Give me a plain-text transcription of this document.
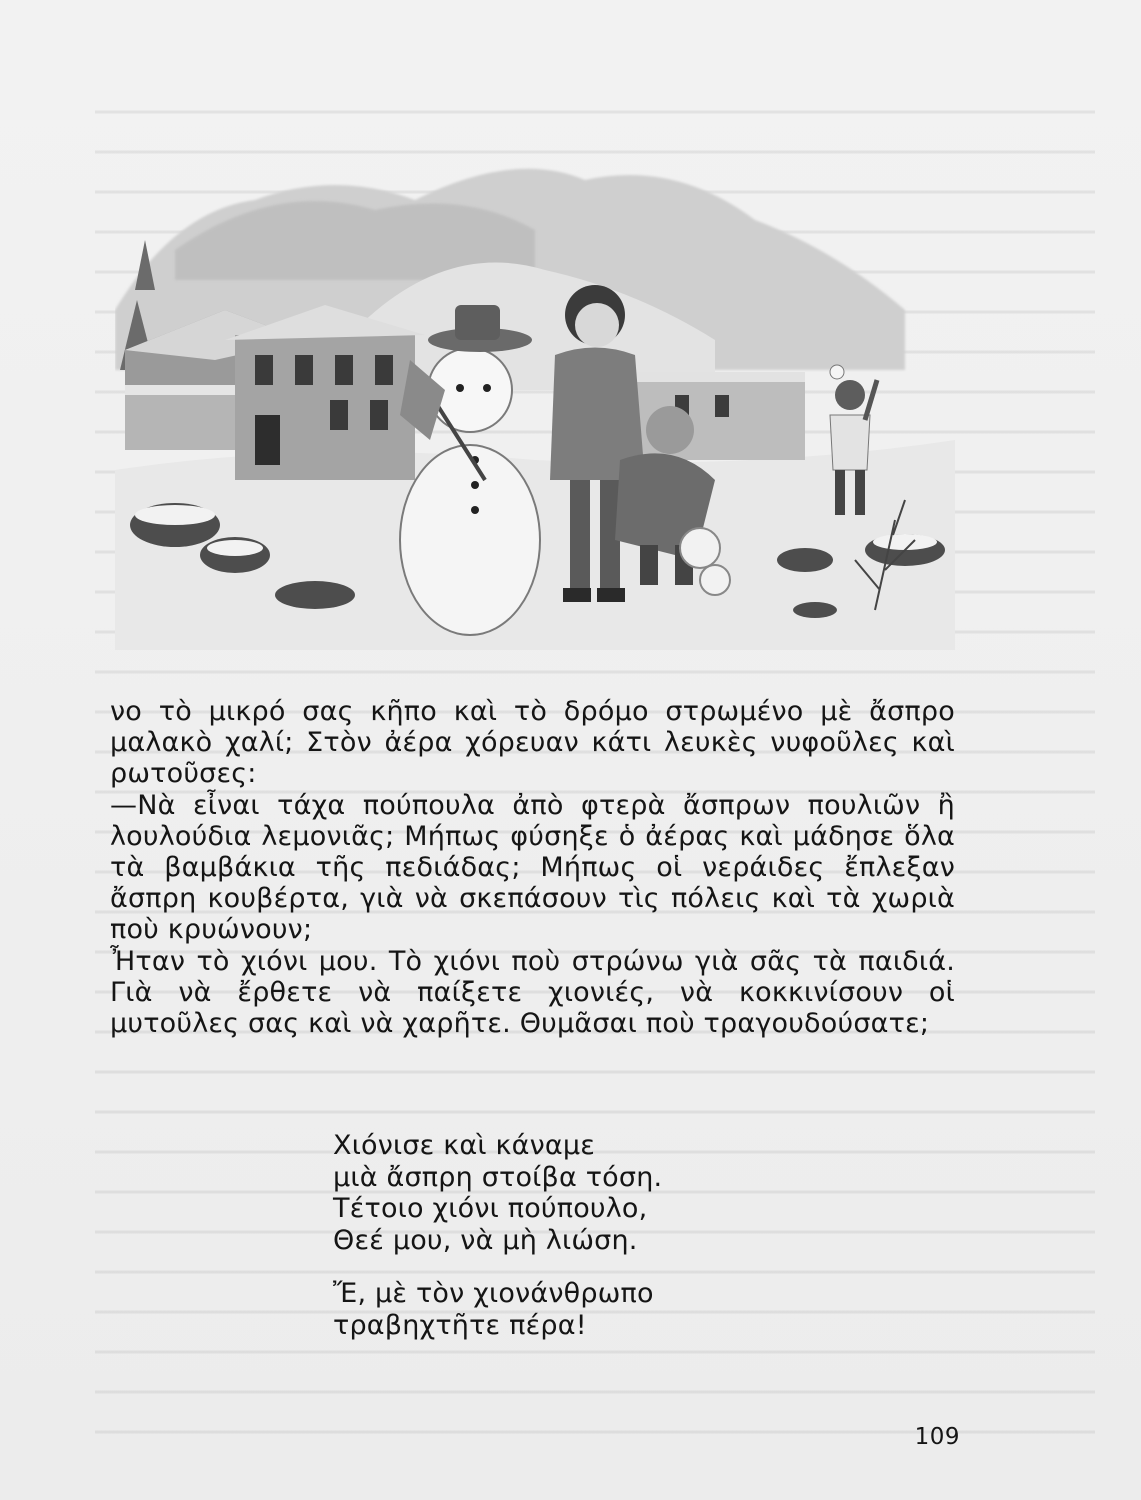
νο τὸ μικρό σας κῆπο καὶ τὸ δρόμο στρωμένο μὲ ἄσπρο μαλακὸ χαλί; Στὸν ἀέρα χόρευαν κάτι λευκὲς νυφοῦλες καὶ ρωτοῦσες:

—Νὰ εἶναι τάχα πούπουλα ἀπὸ φτερὰ ἄσπρων πουλιῶν ἢ λουλούδια λεμονιᾶς; Μήπως φύσηξε ὁ ἀέρας καὶ μάδησε ὅλα τὰ βαμβάκια τῆς πεδιάδας; Μήπως οἱ νεράιδες ἔπλεξαν ἄσπρη κουβέρτα, γιὰ νὰ σκεπάσουν τὶς πόλεις καὶ τὰ χωριὰ ποὺ κρυώνουν;

Ἦταν τὸ χιόνι μου. Τὸ χιόνι ποὺ στρώνω γιὰ σᾶς τὰ παιδιά. Γιὰ νὰ ἔρθετε νὰ παίξετε χιονιές, νὰ κοκκινίσουν οἱ μυτοῦλες σας καὶ νὰ χαρῆτε. Θυμᾶσαι ποὺ τραγουδούσατε;

Χιόνισε καὶ κάναμε
μιὰ ἄσπρη στοίβα τόση.
Τέτοιο χιόνι πούπουλο,
Θεέ μου, νὰ μὴ λιώση.
Ἔ, μὲ τὸν χιονάνθρωπο
τραβηχτῆτε πέρα!
109
